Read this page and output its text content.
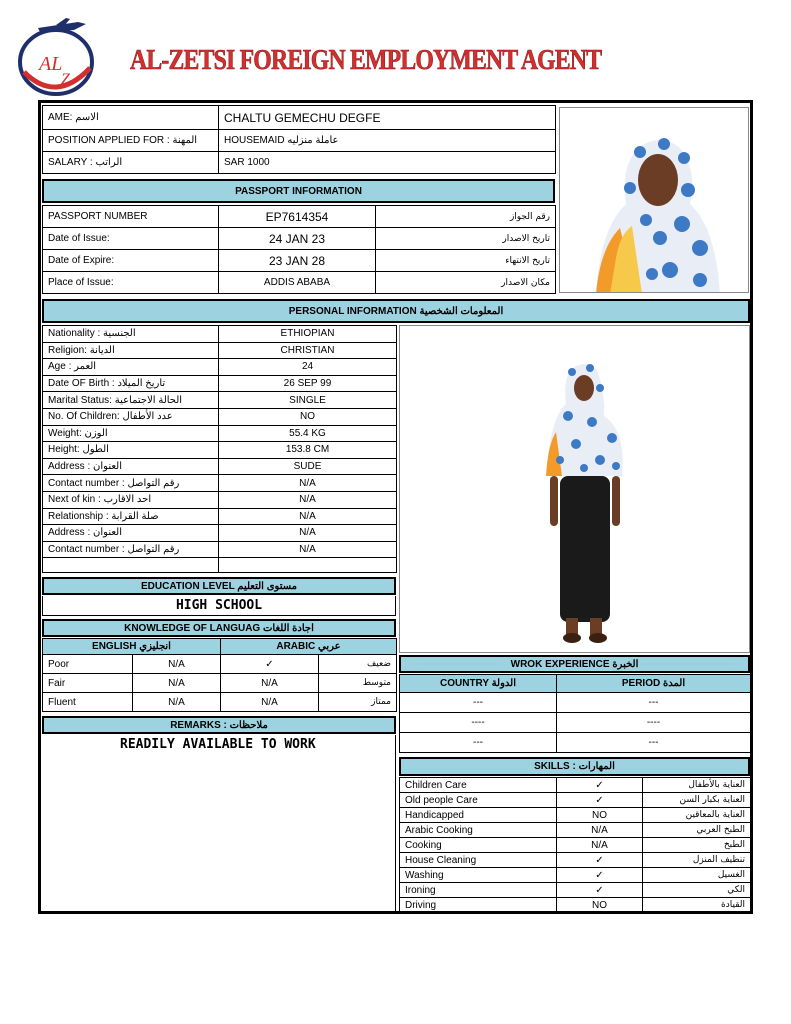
AL
Z
AL-ZETSI FOREIGN EMPLOYMENT AGENT
AME: الاسم	CHALTU GEMECHU DEGFE
POSITION APPLIED FOR : المهنة	HOUSEMAID عاملة منزليه
SALARY : الراتب	SAR 1000
PASSPORT INFORMATION
PASSPORT NUMBER	EP7614354	رقم الجواز
Date of Issue:	24 JAN 23	تاريخ الاصدار
Date of Expire:	23 JAN 28	تاريخ الانتهاء
Place of Issue:	ADDIS ABABA	مكان الاصدار
PERSONAL INFORMATION المعلومات الشخصية
Nationality : الجنسية	ETHIOPIAN
Religion: الديانة	CHRISTIAN
Age : العمر	24
Date OF Birth : تاريخ الميلاد	26 SEP 99
Marital Status: الحالة الاجتماعية	SINGLE
No. Of Children: عدد الأطفال	NO
Weight: الوزن	55.4 KG
Height: الطول	153.8 CM
Address : العنوان	SUDE
Contact number : رقم التواصل	N/A
Next of kin : احد الاقارب	N/A
Relationship : صلة القرابة	N/A
Address : العنوان	N/A
Contact number : رقم التواصل	N/A

EDUCATION LEVEL مستوى التعليم
HIGH SCHOOL
KNOWLEDGE OF LANGUAG اجادة اللغات
ENGLISH انجليزي		ARABIC عربي	
Poor	N/A	✓	ضعيف
Fair	N/A	N/A	متوسط
Fluent	N/A	N/A	ممتاز
REMARKS : ملاحظات
READILY AVAILABLE TO WORK
WROK EXPERIENCE الخبرة
COUNTRY الدولة	PERIOD المدة
---	---
----	----
---	---
SKILLS : المهارات
Children Care	✓	العناية بالأطفال
Old people Care	✓	العناية بكبار السن
Handicapped	NO	العناية بالمعاقين
Arabic Cooking	N/A	الطبخ العربي
Cooking	N/A	الطبخ
House Cleaning	✓	تنظيف المنزل
Washing	✓	الغسيل
Ironing	✓	الكي
Driving	NO	القيادة
